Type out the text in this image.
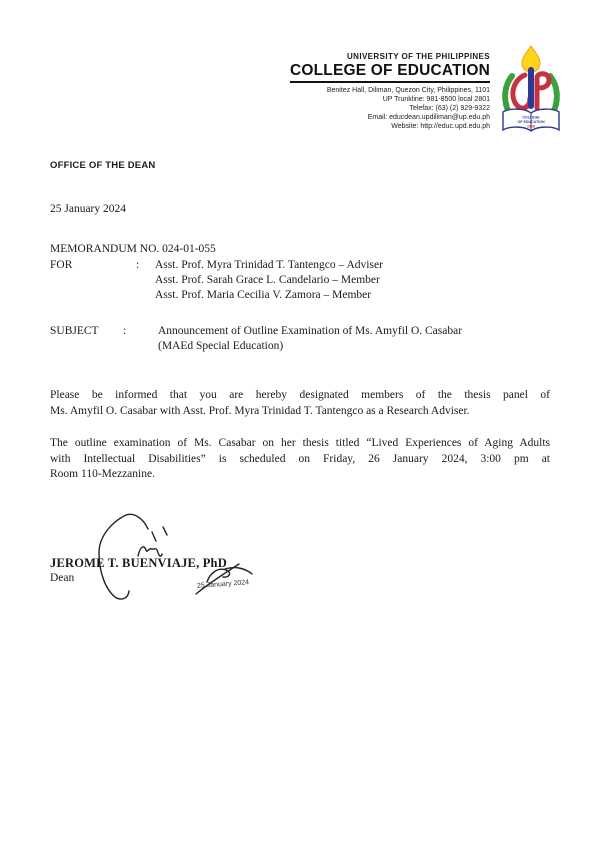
UNIVERSITY OF THE PHILIPPINES
COLLEGE OF EDUCATION
Benitez Hall, Diliman, Quezon City, Philippines, 1101
UP Trunkline: 981-8500 local 2801
Telefax: (63) (2) 929-9322
Email: educdean.updiliman@up.edu.ph
Website: http://educ.upd.edu.ph
COLLEGE
OF EDUCATION
1918
OFFICE OF THE DEAN
25 January 2024
MEMORANDUM NO. 024-01-055
FOR	:	Asst. Prof. Myra Trinidad T. Tantengco – Adviser
Asst. Prof. Sarah Grace L. Candelario – Member
Asst. Prof. Maria Cecilia V. Zamora – Member
SUBJECT	:	Announcement of Outline Examination of Ms. Amyfil O. Casabar
(MAEd Special Education)
Please be informed that you are hereby designated members of the thesis panel of
Ms. Amyfil O. Casabar with Asst. Prof. Myra Trinidad T. Tantengco as a Research Adviser.
The outline examination of Ms. Casabar on her thesis titled “Lived Experiences of Aging Adults
with Intellectual Disabilities” is scheduled on Friday, 26 January 2024, 3:00 pm at
Room 110-Mezzanine.
JEROME T. BUENVIAJE, PhD
Dean
25 January 2024
